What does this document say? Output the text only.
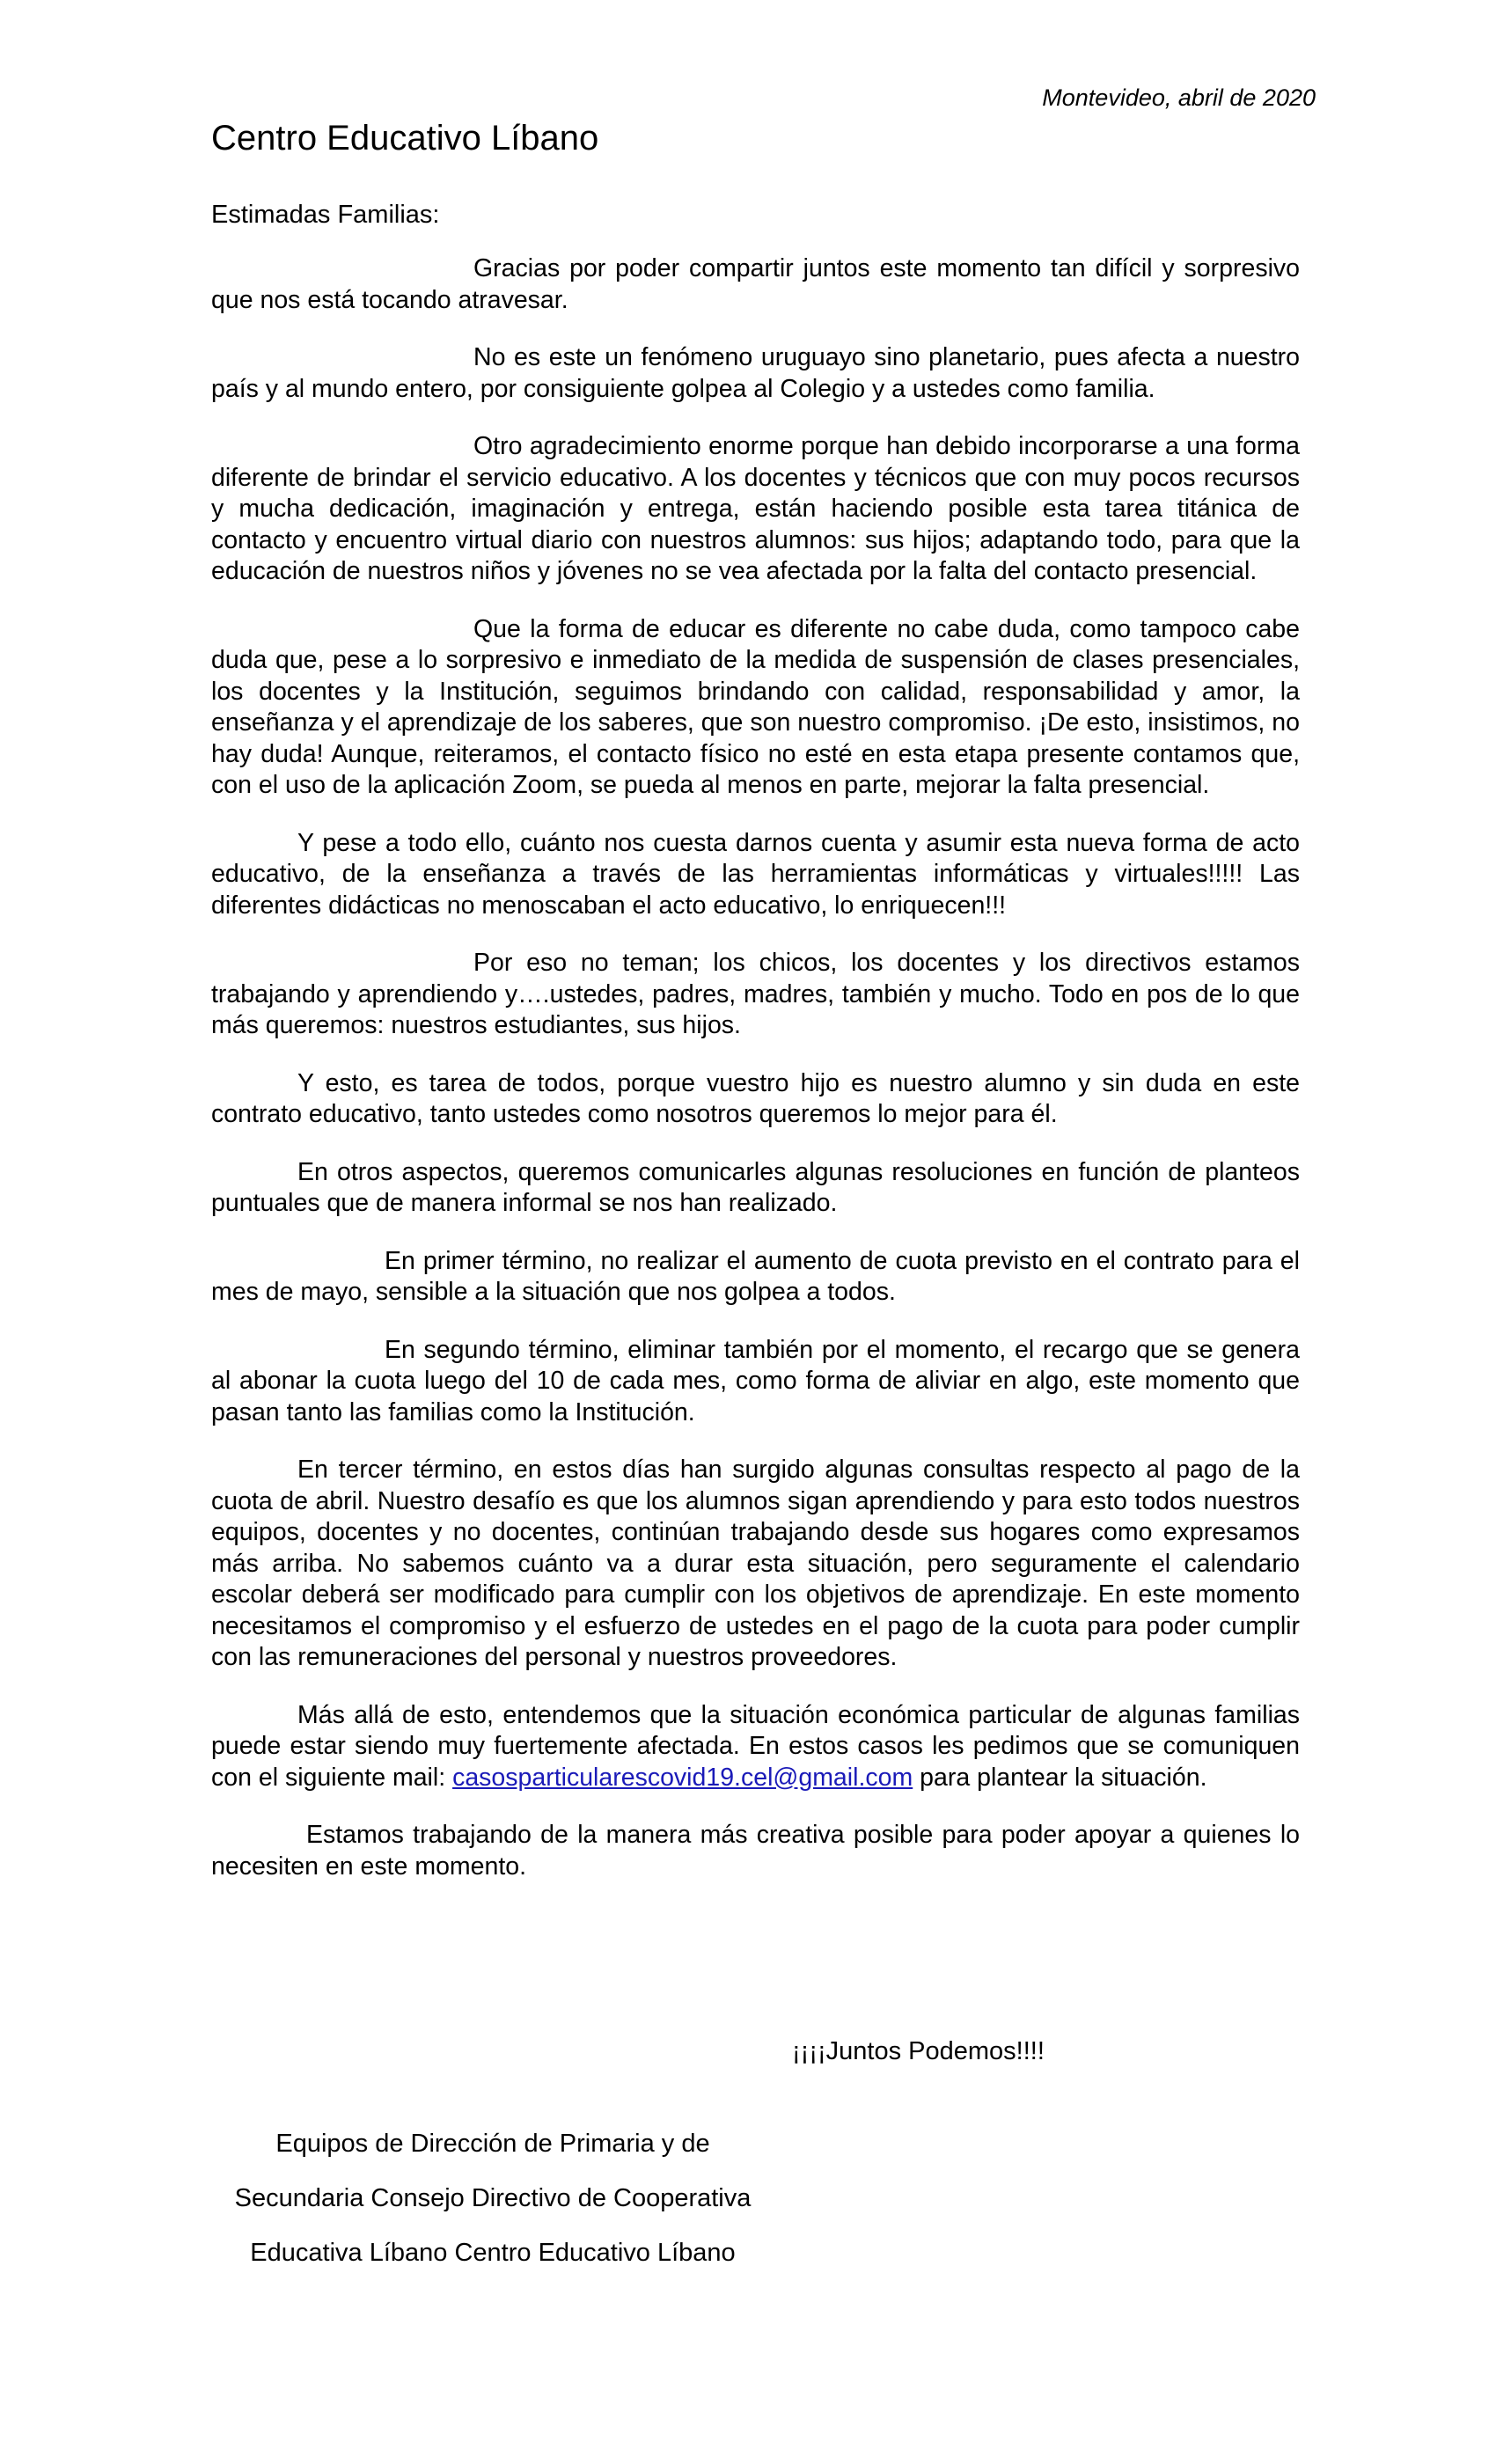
Montevideo, abril de 2020
Centro Educativo Líbano
Estimadas Familias:

Gracias por poder compartir juntos este momento tan difícil y sorpresivo que nos está tocando atravesar.

No es este un fenómeno uruguayo sino planetario, pues afecta a nuestro país y al mundo entero, por consiguiente golpea al Colegio y a ustedes como familia.

Otro agradecimiento enorme porque han debido incorporarse a una forma diferente de brindar el servicio educativo. A los docentes y técnicos que con muy pocos recursos y mucha dedicación, imaginación y entrega, están haciendo posible esta tarea titánica de contacto y encuentro virtual diario con nuestros alumnos: sus hijos; adaptando todo, para que la educación de nuestros niños y jóvenes no se vea afectada por la falta del contacto presencial.

Que la forma de educar es diferente no cabe duda, como tampoco cabe duda que, pese a lo sorpresivo e inmediato de la medida de suspensión de clases presenciales, los docentes y la Institución, seguimos brindando con calidad, responsabilidad y amor, la enseñanza y el aprendizaje de los saberes, que son nuestro compromiso. ¡De esto, insistimos, no hay duda! Aunque, reiteramos, el contacto físico no esté en esta etapa presente contamos que, con el uso de la aplicación Zoom, se pueda al menos en parte, mejorar la falta presencial.

Y pese a todo ello, cuánto nos cuesta darnos cuenta y asumir esta nueva forma de acto educativo, de la enseñanza a través de las herramientas informáticas y virtuales!!!!! Las diferentes didácticas no menoscaban el acto educativo, lo enriquecen!!!

Por eso no teman; los chicos, los docentes y los directivos estamos trabajando y aprendiendo y….ustedes, padres, madres, también y mucho. Todo en pos de lo que más queremos: nuestros estudiantes, sus hijos.

Y esto, es tarea de todos, porque vuestro hijo es nuestro alumno y sin duda en este contrato educativo, tanto ustedes como nosotros queremos lo mejor para él.

En otros aspectos, queremos comunicarles algunas resoluciones en función de planteos puntuales que de manera informal se nos han realizado.

En primer término, no realizar el aumento de cuota previsto en el contrato para el mes de mayo, sensible a la situación que nos golpea a todos.

En segundo término, eliminar también por el momento, el recargo que se genera al abonar la cuota luego del 10 de cada mes, como forma de aliviar en algo, este momento que pasan tanto las familias como la Institución.

En tercer término, en estos días han surgido algunas consultas respecto al pago de la cuota de abril. Nuestro desafío es que los alumnos sigan aprendiendo y para esto todos nuestros equipos, docentes y no docentes, continúan trabajando desde sus hogares como expresamos más arriba. No sabemos cuánto va a durar esta situación, pero seguramente el calendario escolar deberá ser modificado para cumplir con los objetivos de aprendizaje. En este momento necesitamos el compromiso y el esfuerzo de ustedes en el pago de la cuota para poder cumplir con las remuneraciones del personal y nuestros proveedores.

Más allá de esto, entendemos que la situación económica particular de algunas familias puede estar siendo muy fuertemente afectada. En estos casos les pedimos que se comuniquen con el siguiente mail: casosparticularescovid19.cel@gmail.com para plantear la situación.

Estamos trabajando de la manera más creativa posible para poder apoyar a quienes lo necesiten en este momento.

¡¡¡¡Juntos Podemos!!!!
Equipos de Dirección de Primaria y de
Secundaria Consejo Directivo de Cooperativa
Educativa Líbano Centro Educativo Líbano
